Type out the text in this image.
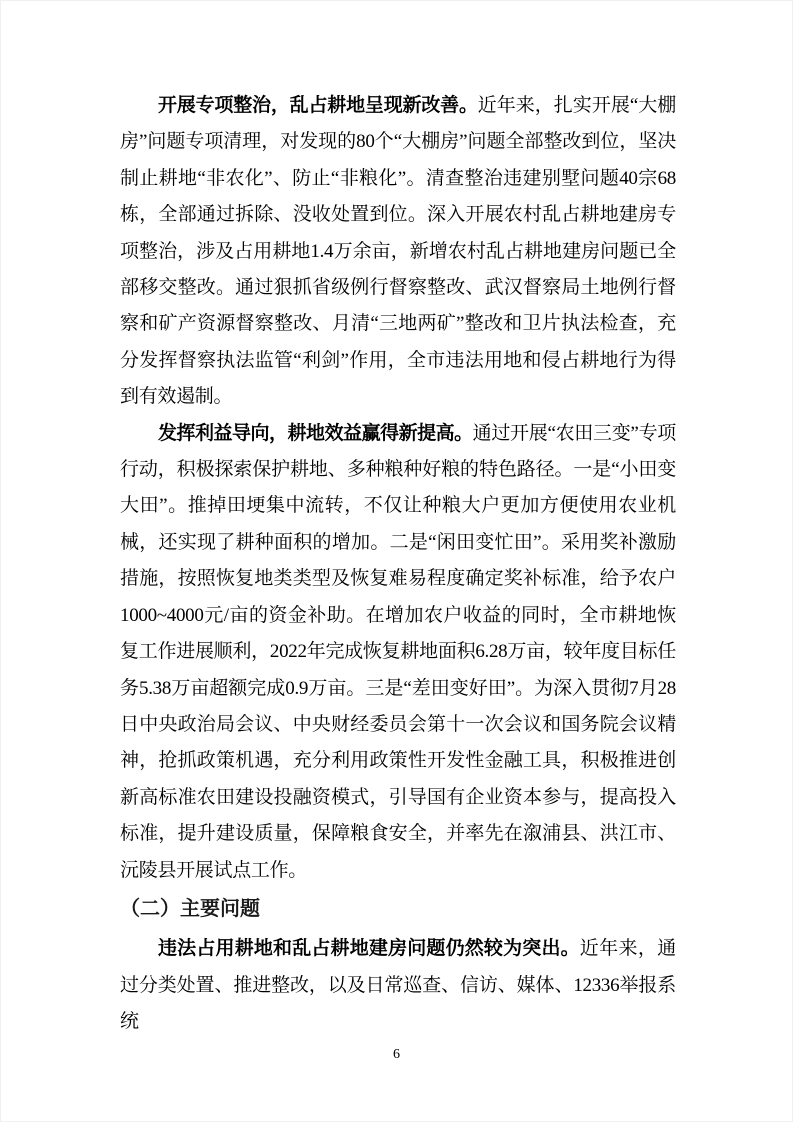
开展专项整治，乱占耕地呈现新改善。近年来，扎实开展“大棚房”问题专项清理，对发现的80个“大棚房”问题全部整改到位，坚决制止耕地“非农化”、防止“非粮化”。清查整治违建别墅问题40宗68栋，全部通过拆除、没收处置到位。深入开展农村乱占耕地建房专项整治，涉及占用耕地1.4万余亩，新增农村乱占耕地建房问题已全部移交整改。通过狠抓省级例行督察整改、武汉督察局土地例行督察和矿产资源督察整改、月清“三地两矿”整改和卫片执法检查，充分发挥督察执法监管“利剑”作用，全市违法用地和侵占耕地行为得到有效遏制。

发挥利益导向，耕地效益赢得新提高。通过开展“农田三变”专项行动，积极探索保护耕地、多种粮种好粮的特色路径。一是“小田变大田”。推掉田埂集中流转，不仅让种粮大户更加方便使用农业机械，还实现了耕种面积的增加。二是“闲田变忙田”。采用奖补激励措施，按照恢复地类类型及恢复难易程度确定奖补标准，给予农户1000~4000元/亩的资金补助。在增加农户收益的同时，全市耕地恢复工作进展顺利，2022年完成恢复耕地面积6.28万亩，较年度目标任务5.38万亩超额完成0.9万亩。三是“差田变好田”。为深入贯彻7月28日中央政治局会议、中央财经委员会第十一次会议和国务院会议精神，抢抓政策机遇，充分利用政策性开发性金融工具，积极推进创新高标准农田建设投融资模式，引导国有企业资本参与，提高投入标准，提升建设质量，保障粮食安全，并率先在溆浦县、洪江市、沅陵县开展试点工作。

（二）主要问题

违法占用耕地和乱占耕地建房问题仍然较为突出。近年来，通过分类处置、推进整改，以及日常巡查、信访、媒体、12336举报系统

6
